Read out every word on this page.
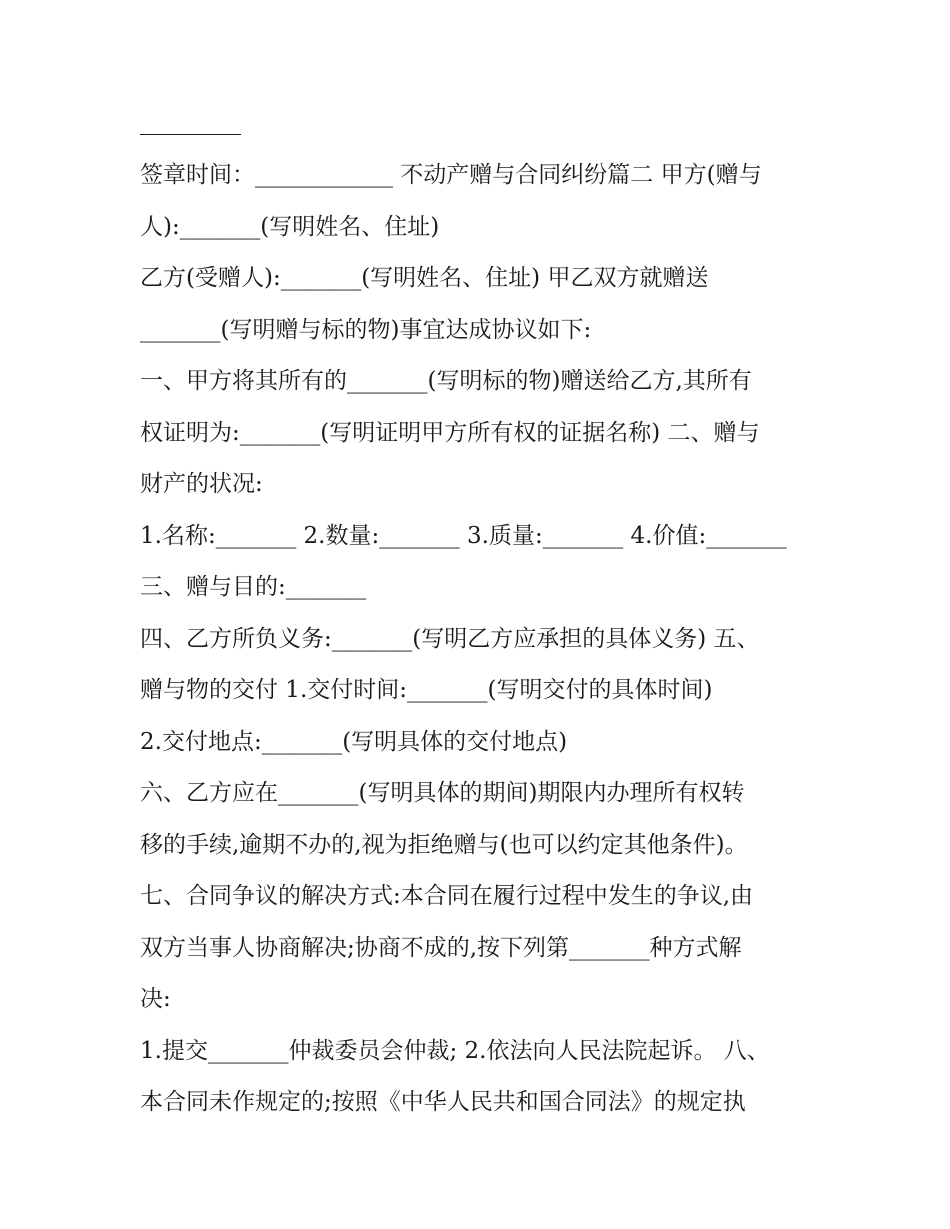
签章时间：____________ 不动产赠与合同纠纷篇二 甲方(赠与
人):_______(写明姓名、住址)
乙方(受赠人):_______(写明姓名、住址) 甲乙双方就赠送
_______(写明赠与标的物)事宜达成协议如下:
一、甲方将其所有的_______(写明标的物)赠送给乙方,其所有
权证明为:_______(写明证明甲方所有权的证据名称) 二、赠与
财产的状况:
1.名称:_______ 2.数量:_______ 3.质量:_______ 4.价值:_______
三、赠与目的:_______
四、乙方所负义务:_______(写明乙方应承担的具体义务) 五、
赠与物的交付 1.交付时间:_______(写明交付的具体时间)
2.交付地点:_______(写明具体的交付地点)
六、乙方应在_______(写明具体的期间)期限内办理所有权转
移的手续,逾期不办的,视为拒绝赠与(也可以约定其他条件)。
七、合同争议的解决方式:本合同在履行过程中发生的争议,由
双方当事人协商解决;协商不成的,按下列第_______种方式解
决:
1.提交_______仲裁委员会仲裁; 2.依法向人民法院起诉。 八、
本合同未作规定的;按照《中华人民共和国合同法》的规定执
